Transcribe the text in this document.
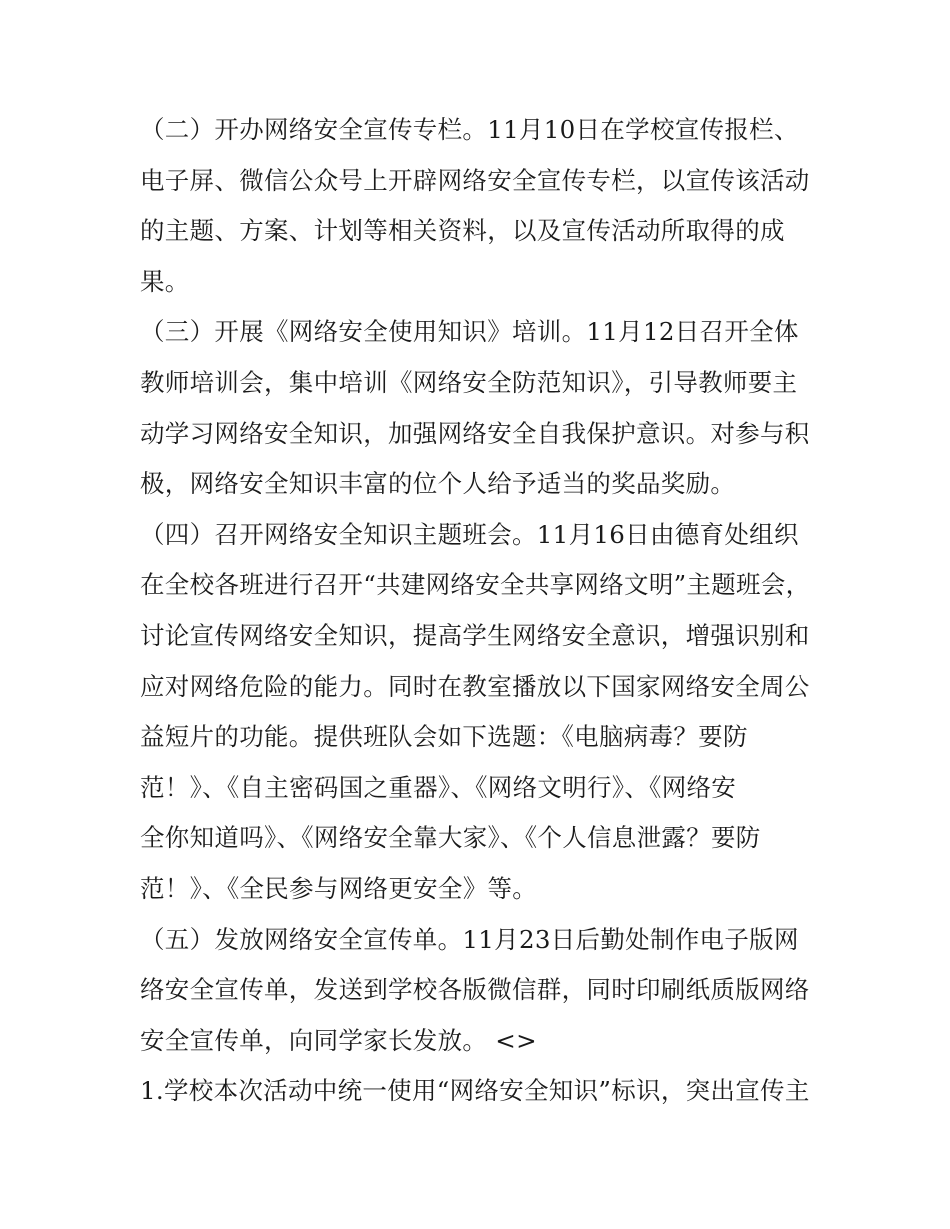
（二）开办网络安全宣传专栏。11月10日在学校宣传报栏、
电子屏、微信公众号上开辟网络安全宣传专栏，以宣传该活动
的主题、方案、计划等相关资料，以及宣传活动所取得的成
果。
（三）开展《网络安全使用知识》培训。11月12日召开全体
教师培训会，集中培训《网络安全防范知识》，引导教师要主
动学习网络安全知识，加强网络安全自我保护意识。对参与积
极，网络安全知识丰富的位个人给予适当的奖品奖励。
（四）召开网络安全知识主题班会。11月16日由德育处组织
在全校各班进行召开“共建网络安全共享网络文明”主题班会，
讨论宣传网络安全知识，提高学生网络安全意识，增强识别和
应对网络危险的能力。同时在教室播放以下国家网络安全周公
益短片的功能。提供班队会如下选题：《电脑病毒？要防
范！》、《自主密码国之重器》、《网络文明行》、《网络安
全你知道吗》、《网络安全靠大家》、《个人信息泄露？要防
范！》、《全民参与网络更安全》等。
（五）发放网络安全宣传单。11月23日后勤处制作电子版网
络安全宣传单，发送到学校各版微信群，同时印刷纸质版网络
安全宣传单，向同学家长发放。 <>
1.学校本次活动中统一使用“网络安全知识”标识，突出宣传主
